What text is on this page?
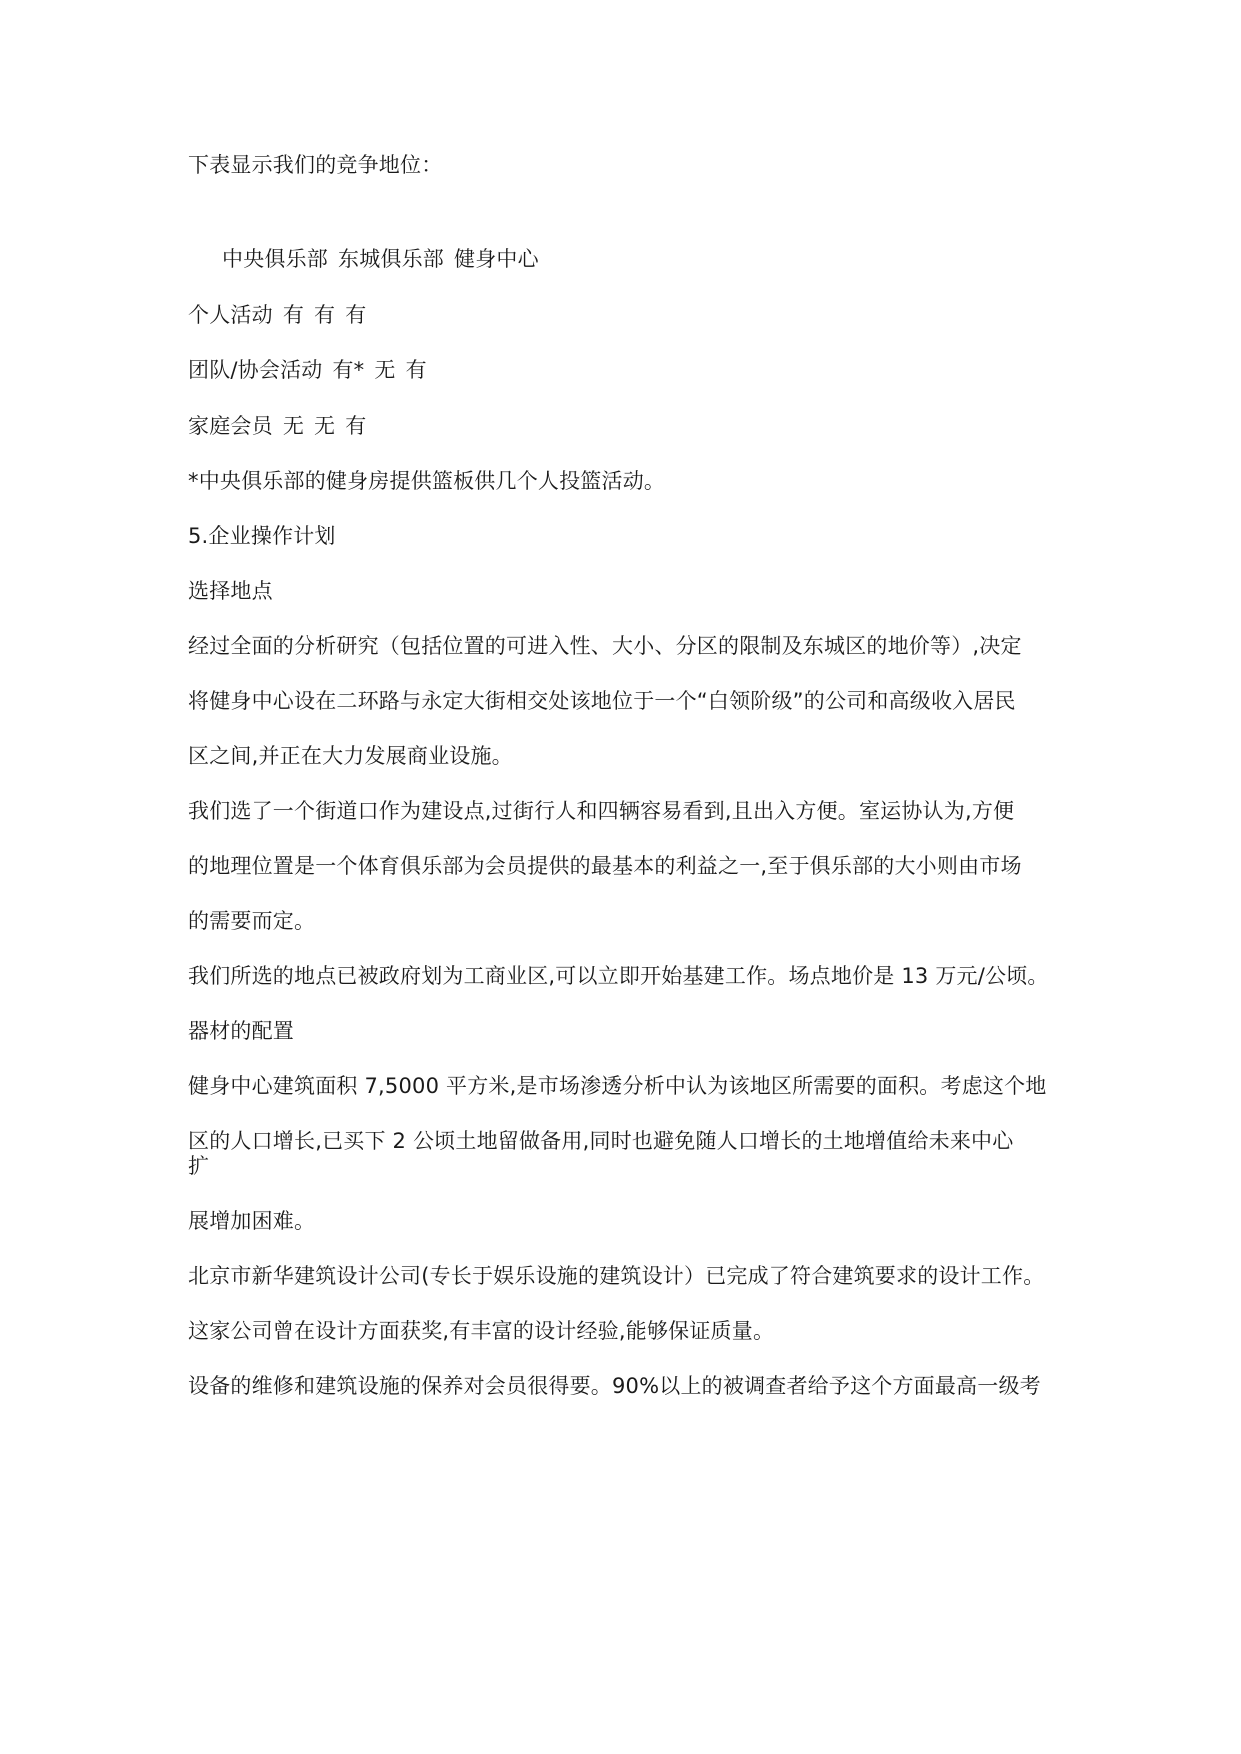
下表显示我们的竞争地位：
中央俱乐部 东城俱乐部 健身中心
个人活动 有 有 有
团队/协会活动 有* 无 有
家庭会员 无 无 有
*中央俱乐部的健身房提供篮板供几个人投篮活动。
5.企业操作计划
选择地点
经过全面的分析研究（包括位置的可进入性、大小、分区的限制及东城区的地价等）,决定
将健身中心设在二环路与永定大街相交处该地位于一个“白领阶级”的公司和高级收入居民
区之间,并正在大力发展商业设施。
我们选了一个街道口作为建设点,过街行人和四辆容易看到,且出入方便。室运协认为,方便
的地理位置是一个体育俱乐部为会员提供的最基本的利益之一,至于俱乐部的大小则由市场
的需要而定。
我们所选的地点已被政府划为工商业区,可以立即开始基建工作。场点地价是 13 万元/公顷。
器材的配置
健身中心建筑面积 7,5000 平方米,是市场渗透分析中认为该地区所需要的面积。考虑这个地
区的人口增长,已买下 2 公顷土地留做备用,同时也避免随人口增长的土地增值给未来中心
扩
展增加困难。
北京市新华建筑设计公司(专长于娱乐设施的建筑设计）已完成了符合建筑要求的设计工作。
这家公司曾在设计方面获奖,有丰富的设计经验,能够保证质量。
设备的维修和建筑设施的保养对会员很得要。90%以上的被调查者给予这个方面最高一级考
